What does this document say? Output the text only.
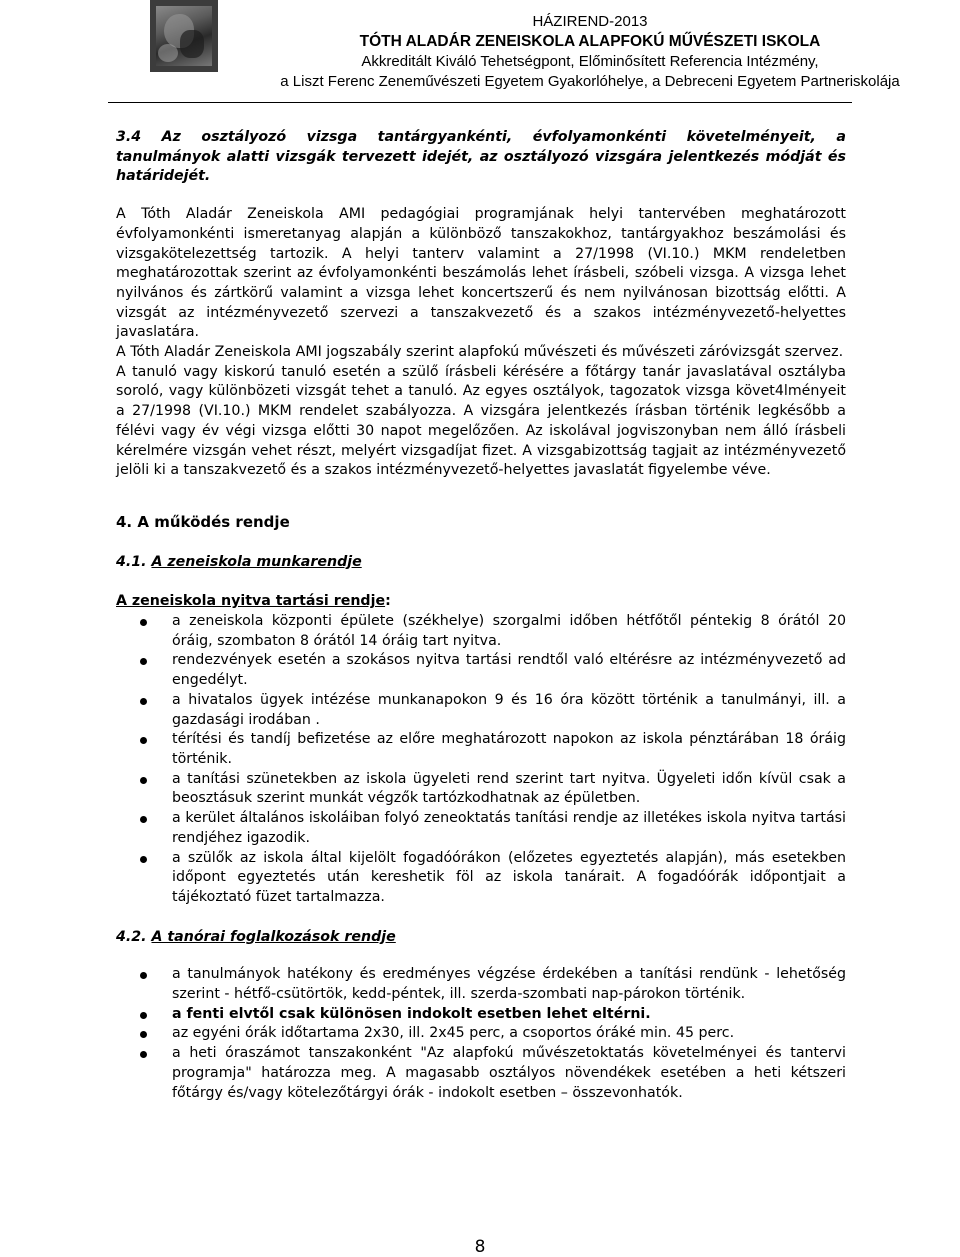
HÁZIREND-2013
TÓTH ALADÁR ZENEISKOLA ALAPFOKÚ MŰVÉSZETI ISKOLA
Akkreditált Kiváló Tehetségpont, Előminősített Referencia Intézmény,
a Liszt Ferenc Zeneművészeti Egyetem Gyakorlóhelye, a Debreceni Egyetem Partneriskolája
3.4 Az osztályozó vizsga tantárgyankénti, évfolyamonkénti követelményeit, a tanulmányok alatti vizsgák tervezett idejét, az osztályozó vizsgára jelentkezés módját és határidejét.

A Tóth Aladár Zeneiskola AMI pedagógiai programjának helyi tantervében meghatározott évfolyamonkénti ismeretanyag alapján a különböző tanszakokhoz, tantárgyakhoz beszámolási és vizsgakötelezettség tartozik. A helyi tanterv valamint a 27/1998 (VI.10.) MKM rendeletben meghatározottak szerint az évfolyamonkénti beszámolás lehet írásbeli, szóbeli vizsga. A vizsga lehet nyilvános és zártkörű valamint a vizsga lehet koncertszerű és nem nyilvánosan bizottság előtti. A vizsgát az intézményvezető szervezi a tanszakvezető és a szakos intézményvezető-helyettes javaslatára.

A Tóth Aladár Zeneiskola AMI jogszabály szerint alapfokú művészeti és művészeti záróvizsgát szervez.

A tanuló vagy kiskorú tanuló esetén a szülő írásbeli kérésére a főtárgy tanár javaslatával osztályba soroló, vagy különbözeti vizsgát tehet a tanuló. Az egyes osztályok, tagozatok vizsga követ4lményeit a 27/1998 (VI.10.) MKM rendelet szabályozza. A vizsgára jelentkezés írásban történik legkésőbb a félévi vagy év végi vizsga előtti 30 napot megelőzően. Az iskolával jogviszonyban nem álló írásbeli kérelmére vizsgán vehet részt, melyért vizsgadíjat fizet. A vizsgabizottság tagjait az intézményvezető jelöli ki a tanszakvezető és a szakos intézményvezető-helyettes javaslatát figyelembe véve.

4. A működés rendje
4.1. A zeneiskola munkarendje
A zeneiskola nyitva tartási rendje:
a zeneiskola központi épülete (székhelye) szorgalmi időben hétfőtől péntekig 8 órától 20 óráig, szombaton 8 órától 14 óráig tart nyitva.
rendezvények esetén a szokásos nyitva tartási rendtől való eltérésre az intézményvezető ad engedélyt.
a hivatalos ügyek intézése munkanapokon 9 és 16 óra között történik a tanulmányi, ill. a gazdasági irodában .
térítési és tandíj befizetése az előre meghatározott napokon az iskola pénztárában 18 óráig történik.
a tanítási szünetekben az iskola ügyeleti rend szerint tart nyitva. Ügyeleti időn kívül csak a beosztásuk szerint munkát végzők tartózkodhatnak az épületben.
a kerület általános iskoláiban folyó zeneoktatás tanítási rendje az illetékes iskola nyitva tartási rendjéhez igazodik.
a szülők az iskola által kijelölt fogadóórákon (előzetes egyeztetés alapján), más esetekben időpont egyeztetés után kereshetik föl az iskola tanárait. A fogadóórák időpontjait a tájékoztató füzet tartalmazza.
4.2. A tanórai foglalkozások rendje
a tanulmányok hatékony és eredményes végzése érdekében a tanítási rendünk - lehetőség szerint - hétfő-csütörtök, kedd-péntek, ill. szerda-szombati nap-párokon történik.
a fenti elvtől csak különösen indokolt esetben lehet eltérni.
az egyéni órák időtartama 2x30, ill. 2x45 perc, a csoportos óráké min. 45 perc.
a heti óraszámot tanszakonként "Az alapfokú művészetoktatás követelményei és tantervi programja" határozza meg. A magasabb osztályos növendékek esetében a heti kétszeri főtárgy és/vagy kötelezőtárgyi órák - indokolt esetben – összevonhatók.
8
